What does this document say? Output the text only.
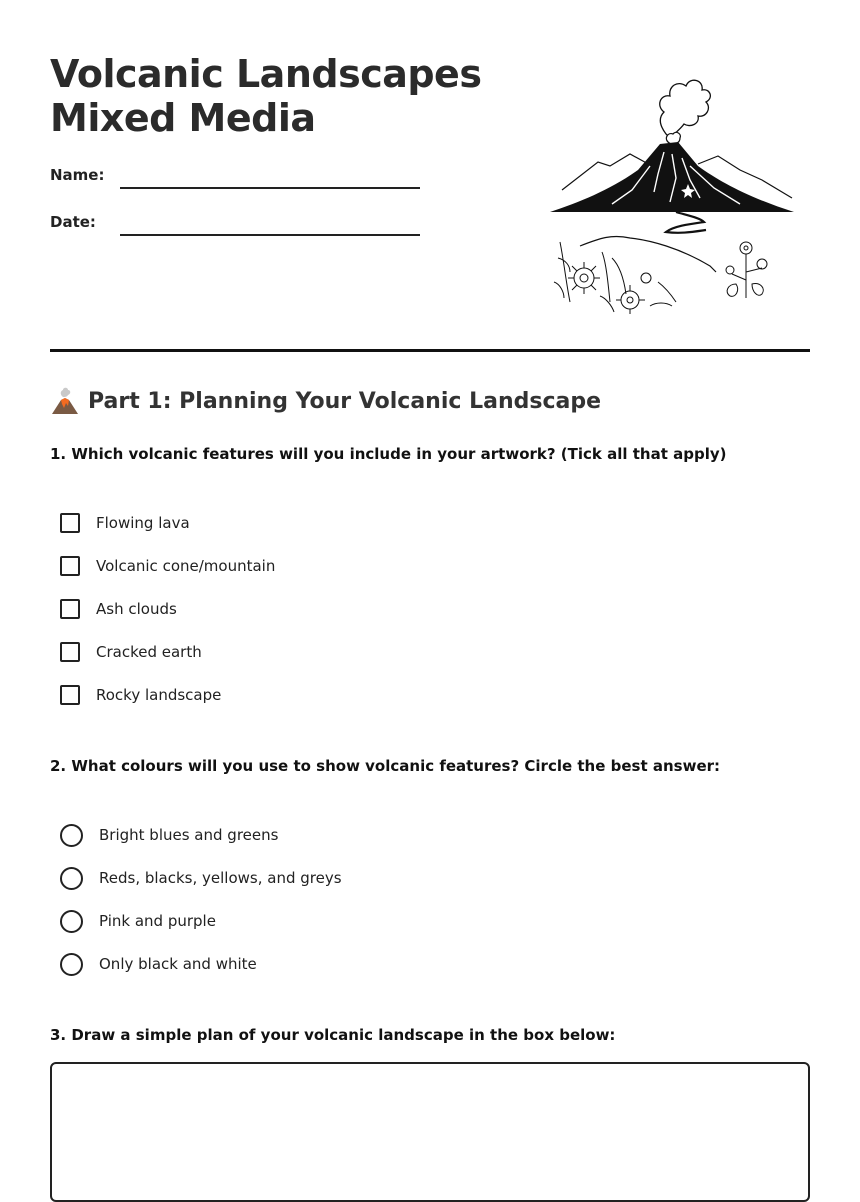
Volcanic Landscapes
Mixed Media
Name:
Date:
Part 1: Planning Your Volcanic Landscape

1. Which volcanic features will you include in your artwork? (Tick all that apply)

Flowing lava
Volcanic cone/mountain
Ash clouds
Cracked earth
Rocky landscape

2. What colours will you use to show volcanic features? Circle the best answer:

Bright blues and greens
Reds, blacks, yellows, and greys
Pink and purple
Only black and white

3. Draw a simple plan of your volcanic landscape in the box below:
